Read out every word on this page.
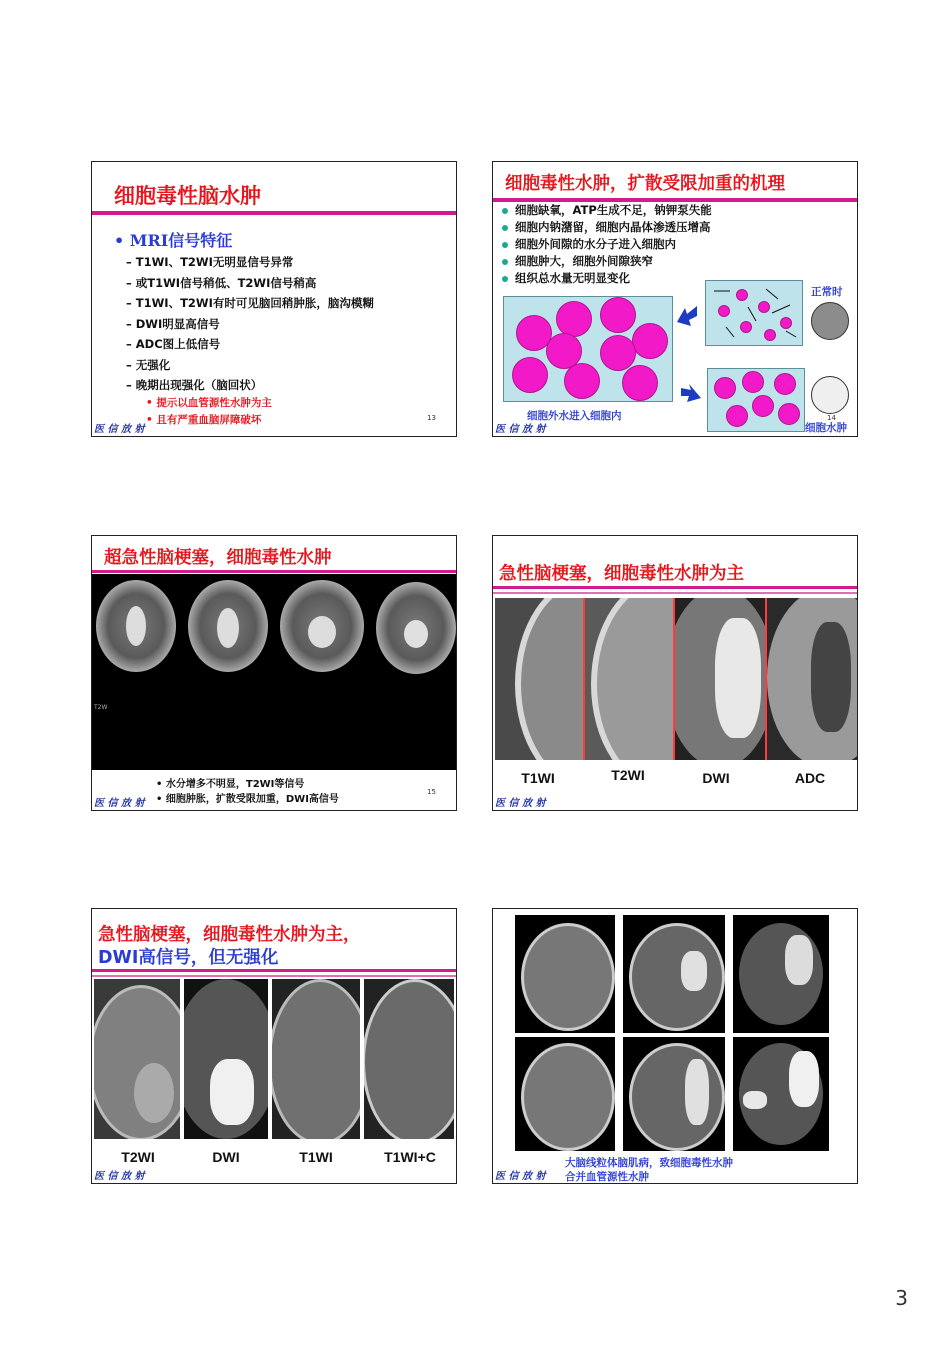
细胞毒性脑水肿
• MRI信号特征
– T1WI、T2WI无明显信号异常
– 或T1WI信号稍低、T2WI信号稍高
– T1WI、T2WI有时可见脑回稍肿胀，脑沟模糊
– DWI明显高信号
– ADC图上低信号
– 无强化
– 晚期出现强化（脑回状）
• 提示以血管源性水肿为主
• 且有严重血脑屏障破坏	13
医 信 放 射
细胞毒性水肿，扩散受限加重的机理
细胞缺氧，ATP生成不足，钠钾泵失能
细胞内钠潴留，细胞内晶体渗透压增高
细胞外间隙的水分子进入细胞内
细胞肿大，细胞外间隙狭窄
组织总水量无明显变化
正常时
细胞外水进入细胞内
细胞水肿
14
医 信 放 射
超急性脑梗塞，细胞毒性水肿
T2W
• 水分增多不明显，T2WI等信号
• 细胞肿胀，扩散受限加重，DWI高信号
15
医 信 放 射
急性脑梗塞，细胞毒性水肿为主
T1WI	T2WI	DWI	ADC
医 信 放 射
急性脑梗塞，细胞毒性水肿为主，
DWI高信号，但无强化
T2WI	DWI	T1WI	T1WI+C
医 信 放 射
大脑线粒体脑肌病，致细胞毒性水肿
合并血管源性水肿
医 信 放 射
3
